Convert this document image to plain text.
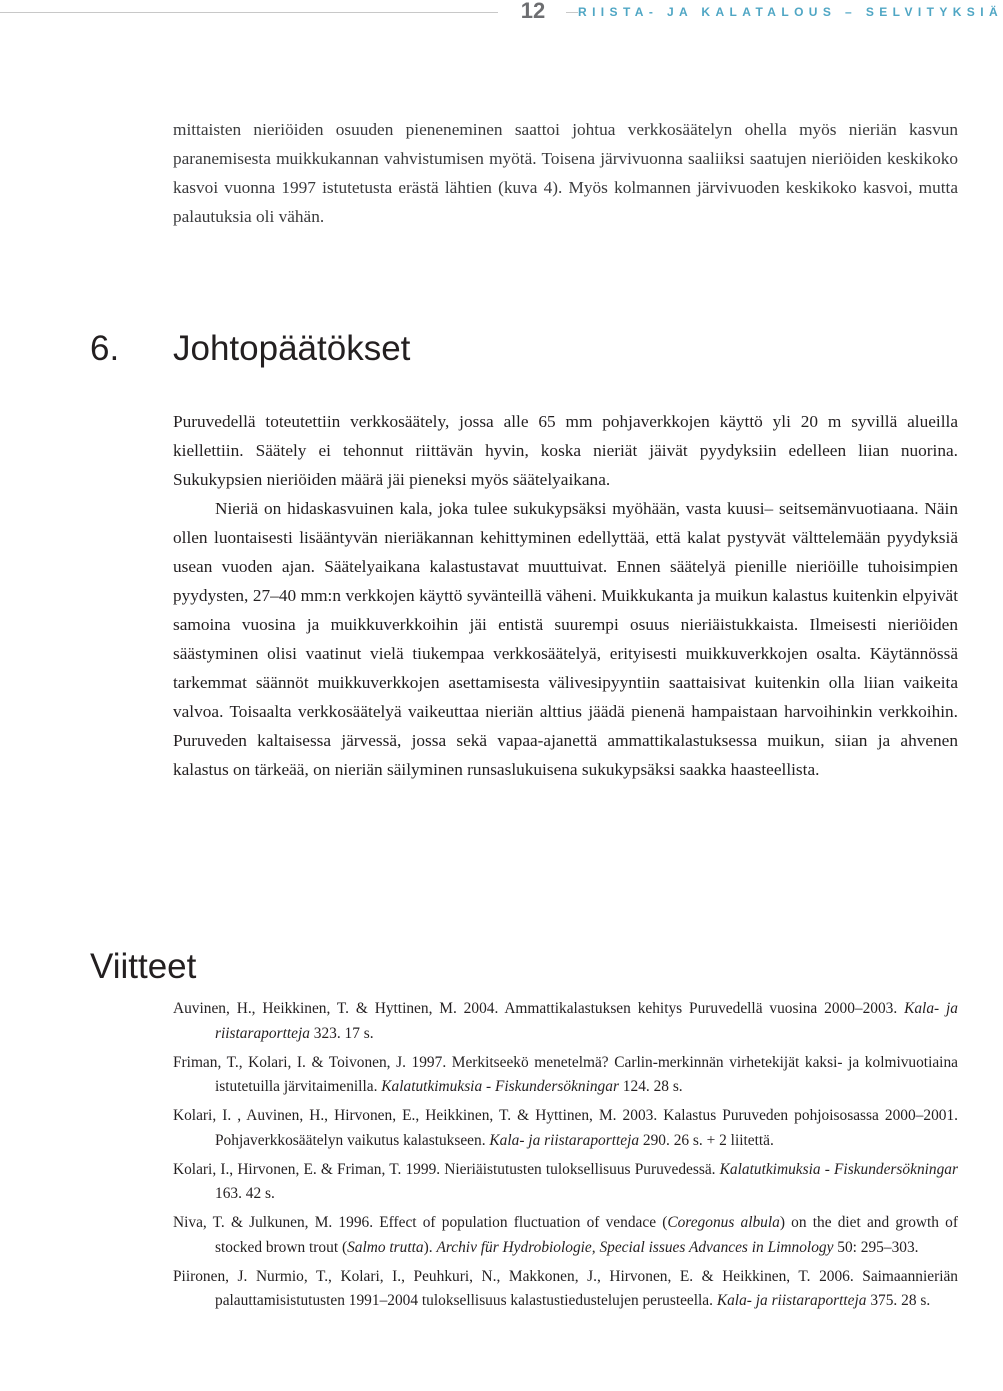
12	RIISTA- JA KALATALOUS – SELVITYKSIÄ

mittaisten nieriöiden osuuden pieneneminen saattoi johtua verkkosäätelyn ohella myös nieriän kasvun paranemisesta muikkukannan vahvistumisen myötä. Toisena järvivuonna saaliiksi saatujen nieriöiden keskikoko kasvoi vuonna 1997 istutetusta erästä lähtien (kuva 4). Myös kolmannen järvivuoden keskikoko kasvoi, mutta palautuksia oli vähän.

6. Johtopäätökset

Puruvedellä toteutettiin verkkosäätely, jossa alle 65 mm pohjaverkkojen käyttö yli 20 m syvillä alueilla kiellettiin. Säätely ei tehonnut riittävän hyvin, koska nieriät jäivät pyydyksiin edelleen liian nuorina. Sukukypsien nieriöiden määrä jäi pieneksi myös säätelyaikana.

Nieriä on hidaskasvuinen kala, joka tulee sukukypsäksi myöhään, vasta kuusi– seitsemänvuotiaana. Näin ollen luontaisesti lisääntyvän nieriäkannan kehittyminen edellyttää, että kalat pystyvät välttelemään pyydyksiä usean vuoden ajan. Säätelyaikana kalastustavat muuttuivat. Ennen säätelyä pienille nieriöille tuhoisimpien pyydysten, 27–40 mm:n verkkojen käyttö syvänteillä väheni. Muikkukanta ja muikun kalastus kuitenkin elpyivät samoina vuosina ja muikkuverkkoihin jäi entistä suurempi osuus nieriäistukkaista. Ilmeisesti nieriöiden säästyminen olisi vaatinut vielä tiukempaa verkkosäätelyä, erityisesti muikkuverkkojen osalta. Käytännössä tarkemmat säännöt muikkuverkkojen asettamisesta välivesipyyntiin saattaisivat kuitenkin olla liian vaikeita valvoa. Toisaalta verkkosäätelyä vaikeuttaa nieriän alttius jäädä pienenä hampaistaan harvoihinkin verkkoihin. Puruveden kaltaisessa järvessä, jossa sekä vapaa-ajanettä ammattikalastuksessa muikun, siian ja ahvenen kalastus on tärkeää, on nieriän säilyminen runsaslukuisena sukukypsäksi saakka haasteellista.

Viitteet
Auvinen, H., Heikkinen, T. & Hyttinen, M. 2004. Ammattikalastuksen kehitys Puruvedellä vuosina 2000–2003. Kala- ja riistaraportteja 323. 17 s.
Friman, T., Kolari, I. & Toivonen, J. 1997. Merkitseekö menetelmä? Carlin-merkinnän virhetekijät kaksi- ja kolmivuotiaina istutetuilla järvitaimenilla. Kalatutkimuksia - Fiskundersökningar 124. 28 s.
Kolari, I. , Auvinen, H., Hirvonen, E., Heikkinen, T. & Hyttinen, M. 2003. Kalastus Puruveden pohjoisosassa 2000–2001. Pohjaverkkosäätelyn vaikutus kalastukseen. Kala- ja riistaraportteja 290. 26 s. + 2 liitettä.
Kolari, I., Hirvonen, E. & Friman, T. 1999. Nieriäistutusten tuloksellisuus Puruvedessä. Kalatutkimuksia - Fiskundersökningar 163. 42 s.
Niva, T. & Julkunen, M. 1996. Effect of population fluctuation of vendace (Coregonus albula) on the diet and growth of stocked brown trout (Salmo trutta). Archiv für Hydrobiologie, Special issues Advances in Limnology 50: 295–303.
Piironen, J. Nurmio, T., Kolari, I., Peuhkuri, N., Makkonen, J., Hirvonen, E. & Heikkinen, T. 2006. Saimaannieriän palauttamisistutusten 1991–2004 tuloksellisuus kalastustiedustelujen perusteella. Kala- ja riistaraportteja 375. 28 s.
